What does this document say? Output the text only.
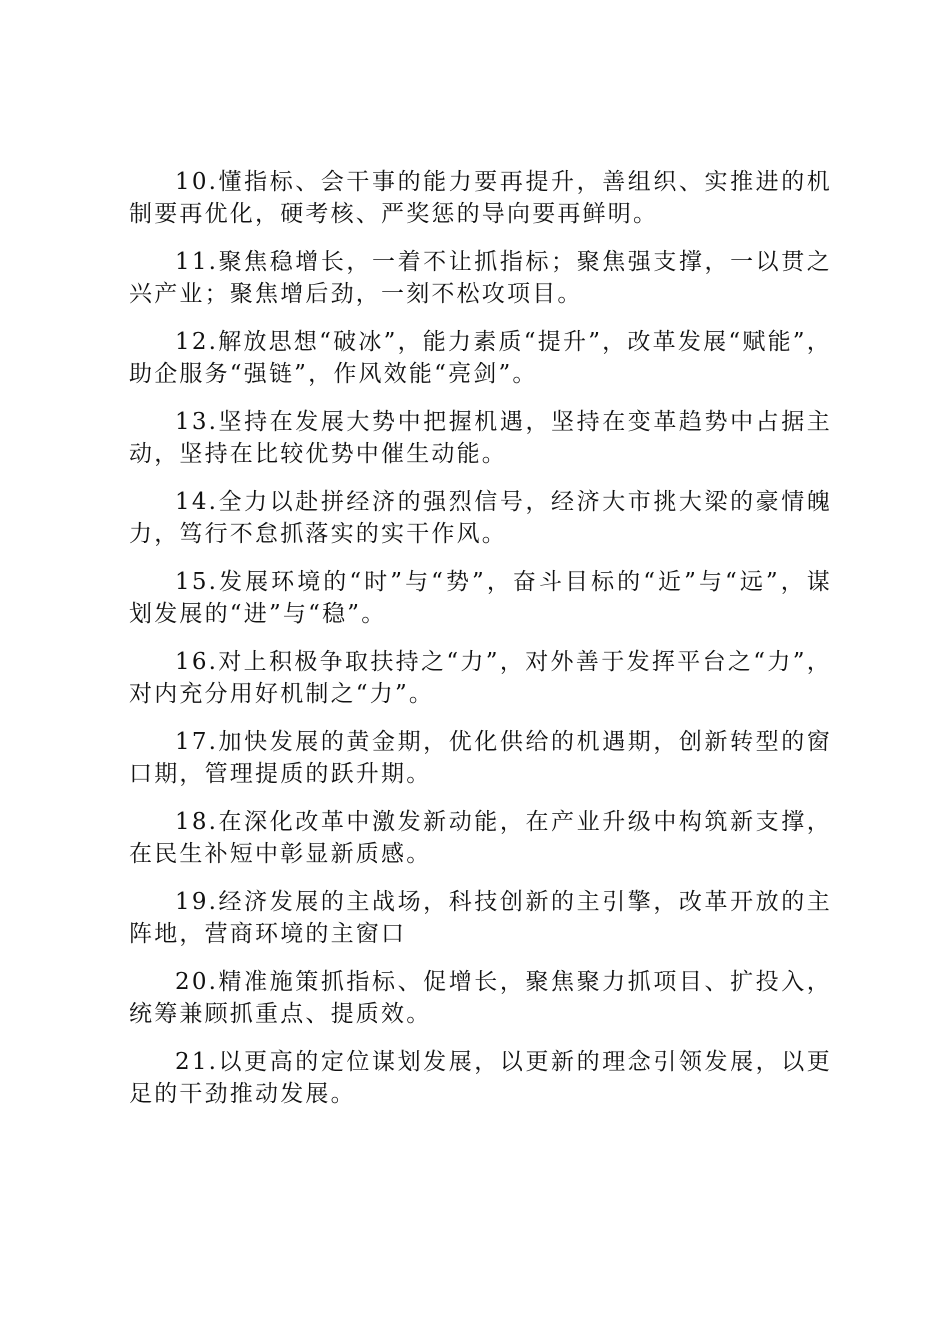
10.懂指标、会干事的能力要再提升，善组织、实推进的机制要再优化，硬考核、严奖惩的导向要再鲜明。

11.聚焦稳增长，一着不让抓指标；聚焦强支撑，一以贯之兴产业；聚焦增后劲，一刻不松攻项目。

12.解放思想“破冰”，能力素质“提升”，改革发展“赋能”，助企服务“强链”，作风效能“亮剑”。

13.坚持在发展大势中把握机遇，坚持在变革趋势中占据主动，坚持在比较优势中催生动能。

14.全力以赴拼经济的强烈信号，经济大市挑大梁的豪情魄力，笃行不怠抓落实的实干作风。

15.发展环境的“时”与“势”，奋斗目标的“近”与“远”，谋划发展的“进”与“稳”。

16.对上积极争取扶持之“力”，对外善于发挥平台之“力”，对内充分用好机制之“力”。

17.加快发展的黄金期，优化供给的机遇期，创新转型的窗口期，管理提质的跃升期。

18.在深化改革中激发新动能，在产业升级中构筑新支撑，在民生补短中彰显新质感。

19.经济发展的主战场，科技创新的主引擎，改革开放的主阵地，营商环境的主窗口

20.精准施策抓指标、促增长，聚焦聚力抓项目、扩投入，统筹兼顾抓重点、提质效。

21.以更高的定位谋划发展，以更新的理念引领发展，以更足的干劲推动发展。
